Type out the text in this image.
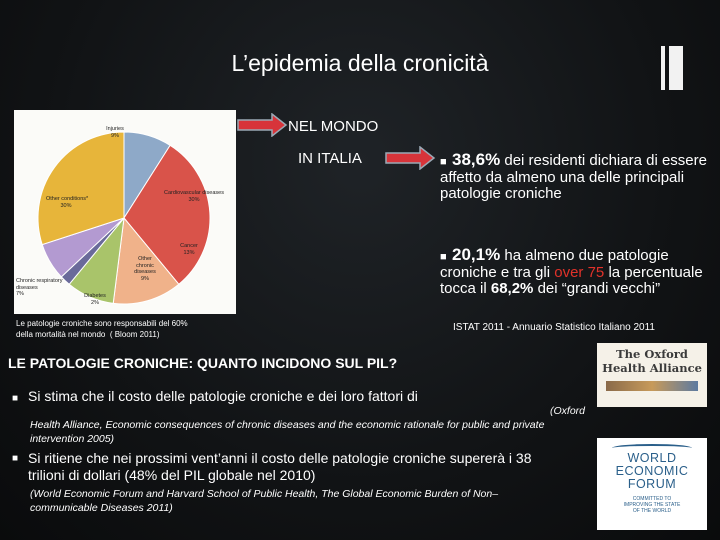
L’epidemia della cronicità
Injuries
9%
Cardiovascular diseases
30%
Cancer
13%
Other
chronic
diseases
9%
Diabetes
2%
Chronic respiratory
diseases
7%
Other conditions*
30%
NEL MONDO
IN ITALIA	■ 38,6% dei residenti dichiara di essere affetto da almeno una delle principali patologie croniche
■ 20,1% ha almeno due patologie croniche e tra gli over 75 la percentuale tocca il 68,2% dei “grandi vecchi”
Le patologie croniche sono responsabili del 60%
della mortalità nel mondo  ( Bloom 2011)
ISTAT 2011 - Annuario Statistico Italiano 2011
LE PATOLOGIE CRONICHE: QUANTO INCIDONO SUL PIL?
■ Si stima che il costo delle patologie croniche e dei loro fattori di
(Oxford Health Alliance, Economic consequences of chronic diseases and the economic rationale for public and private intervention 2005)
■ Si ritiene che nei prossimi vent’anni il costo delle patologie croniche supererà i 38 trilioni di dollari (48% del PIL globale nel 2010)
(World Economic Forum and Harvard School of Public Health, The Global Economic Burden of Non–communicable Diseases 2011)
The Oxford
Health Alliance
WORLD
ECONOMIC
FORUM
COMMITTED TO
IMPROVING THE STATE
OF THE WORLD
